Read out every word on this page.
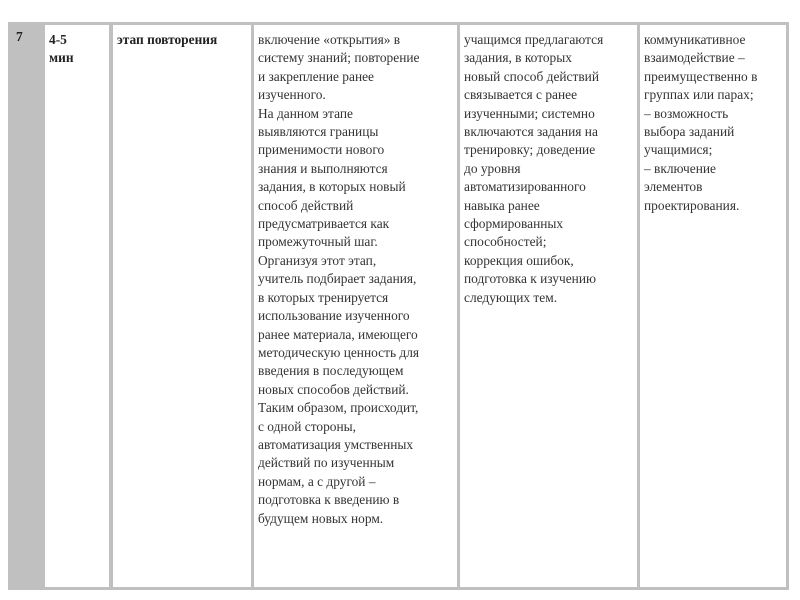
7 4-5
мин
этап повторения	включение «открытия» в
систему знаний; повторение
и закрепление ранее
изученного.
На данном этапе
выявляются границы
применимости нового
знания и выполняются
задания, в которых новый
способ действий
предусматривается как
промежуточный шаг.
Организуя этот этап,
учитель подбирает задания,
в которых тренируется
использование изученного
ранее материала, имеющего
методическую ценность для
введения в последующем
новых способов действий.
Таким образом, происходит,
с одной стороны,
автоматизация умственных
действий по изученным
нормам, а с другой –
подготовка к введению в
будущем новых норм.
учащимся предлагаются
задания, в которых
новый способ действий
связывается с ранее
изученными; системно
включаются задания на
тренировку; доведение
до уровня
автоматизированного
навыка ранее
сформированных
способностей;
коррекция ошибок,
подготовка к изучению
следующих тем.
коммуникативное
взаимодействие –
преимущественно в
группах или парах;
– возможность
выбора заданий
учащимися;
– включение
элементов
проектирования.
